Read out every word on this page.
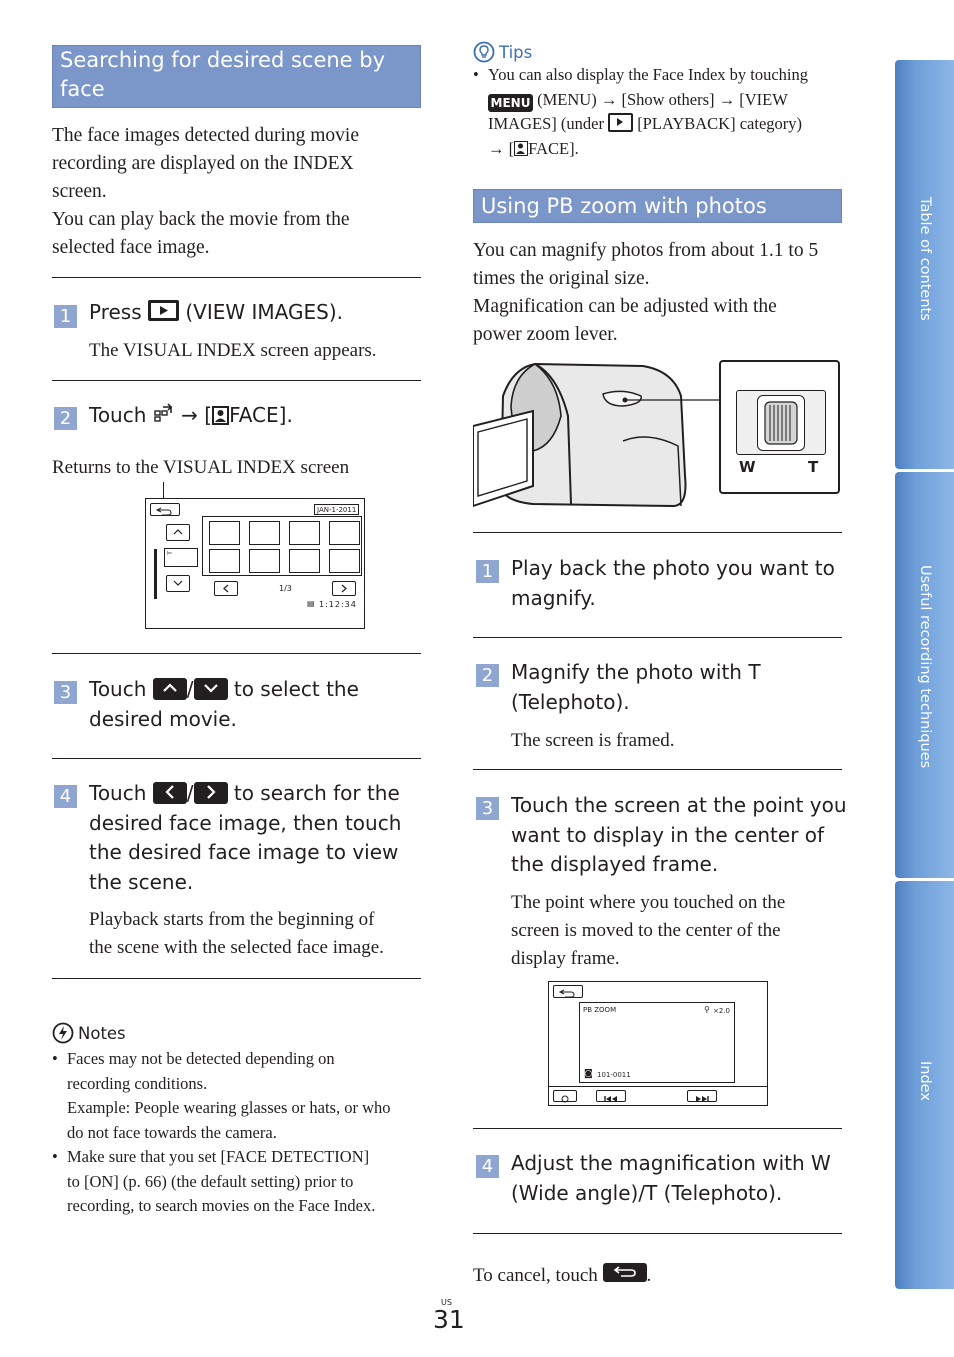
Searching for desired scene by face
(Face Index)
The face images detected during movie
recording are displayed on the INDEX
screen.
You can play back the movie from the
selected face image.
1 Press (VIEW IMAGES).
The VISUAL INDEX screen appears.
2 Touch → [ FACE].
Returns to the VISUAL INDEX screen
JAN-1-2011
⊨
1/3
▤ 1:12:34
3 Touch / to select the
desired movie.
4 Touch / to search for the
desired face image, then touch
the desired face image to view
the scene.
Playback starts from the beginning of
the scene with the selected face image.
Notes
• Faces may not be detected depending on
recording conditions.
Example: People wearing glasses or hats, or who
do not face towards the camera.
• Make sure that you set [FACE DETECTION]
to [ON] (p. 66) (the default setting) prior to
recording, to search movies on the Face Index.
Tips
• You can also display the Face Index by touching
MENU (MENU) → [Show others] → [VIEW
IMAGES] (under [PLAYBACK] category)
→ [ FACE].
Using PB zoom with photos
You can magnify photos from about 1.1 to 5
times the original size.
Magnification can be adjusted with the
power zoom lever.
W	T
1 Play back the photo you want to
magnify.
2 Magnify the photo with T
(Telephoto).
The screen is framed.
3 Touch the screen at the point you
want to display in the center of
the displayed frame.
The point where you touched on the
screen is moved to the center of the
display frame.
PB ZOOM	⚲ ×2.0
◙ 101-0011
4 Adjust the magnification with W
(Wide angle)/T (Telephoto).
To cancel, touch	.
US
31
Table of contents
Useful recording techniques
Index
